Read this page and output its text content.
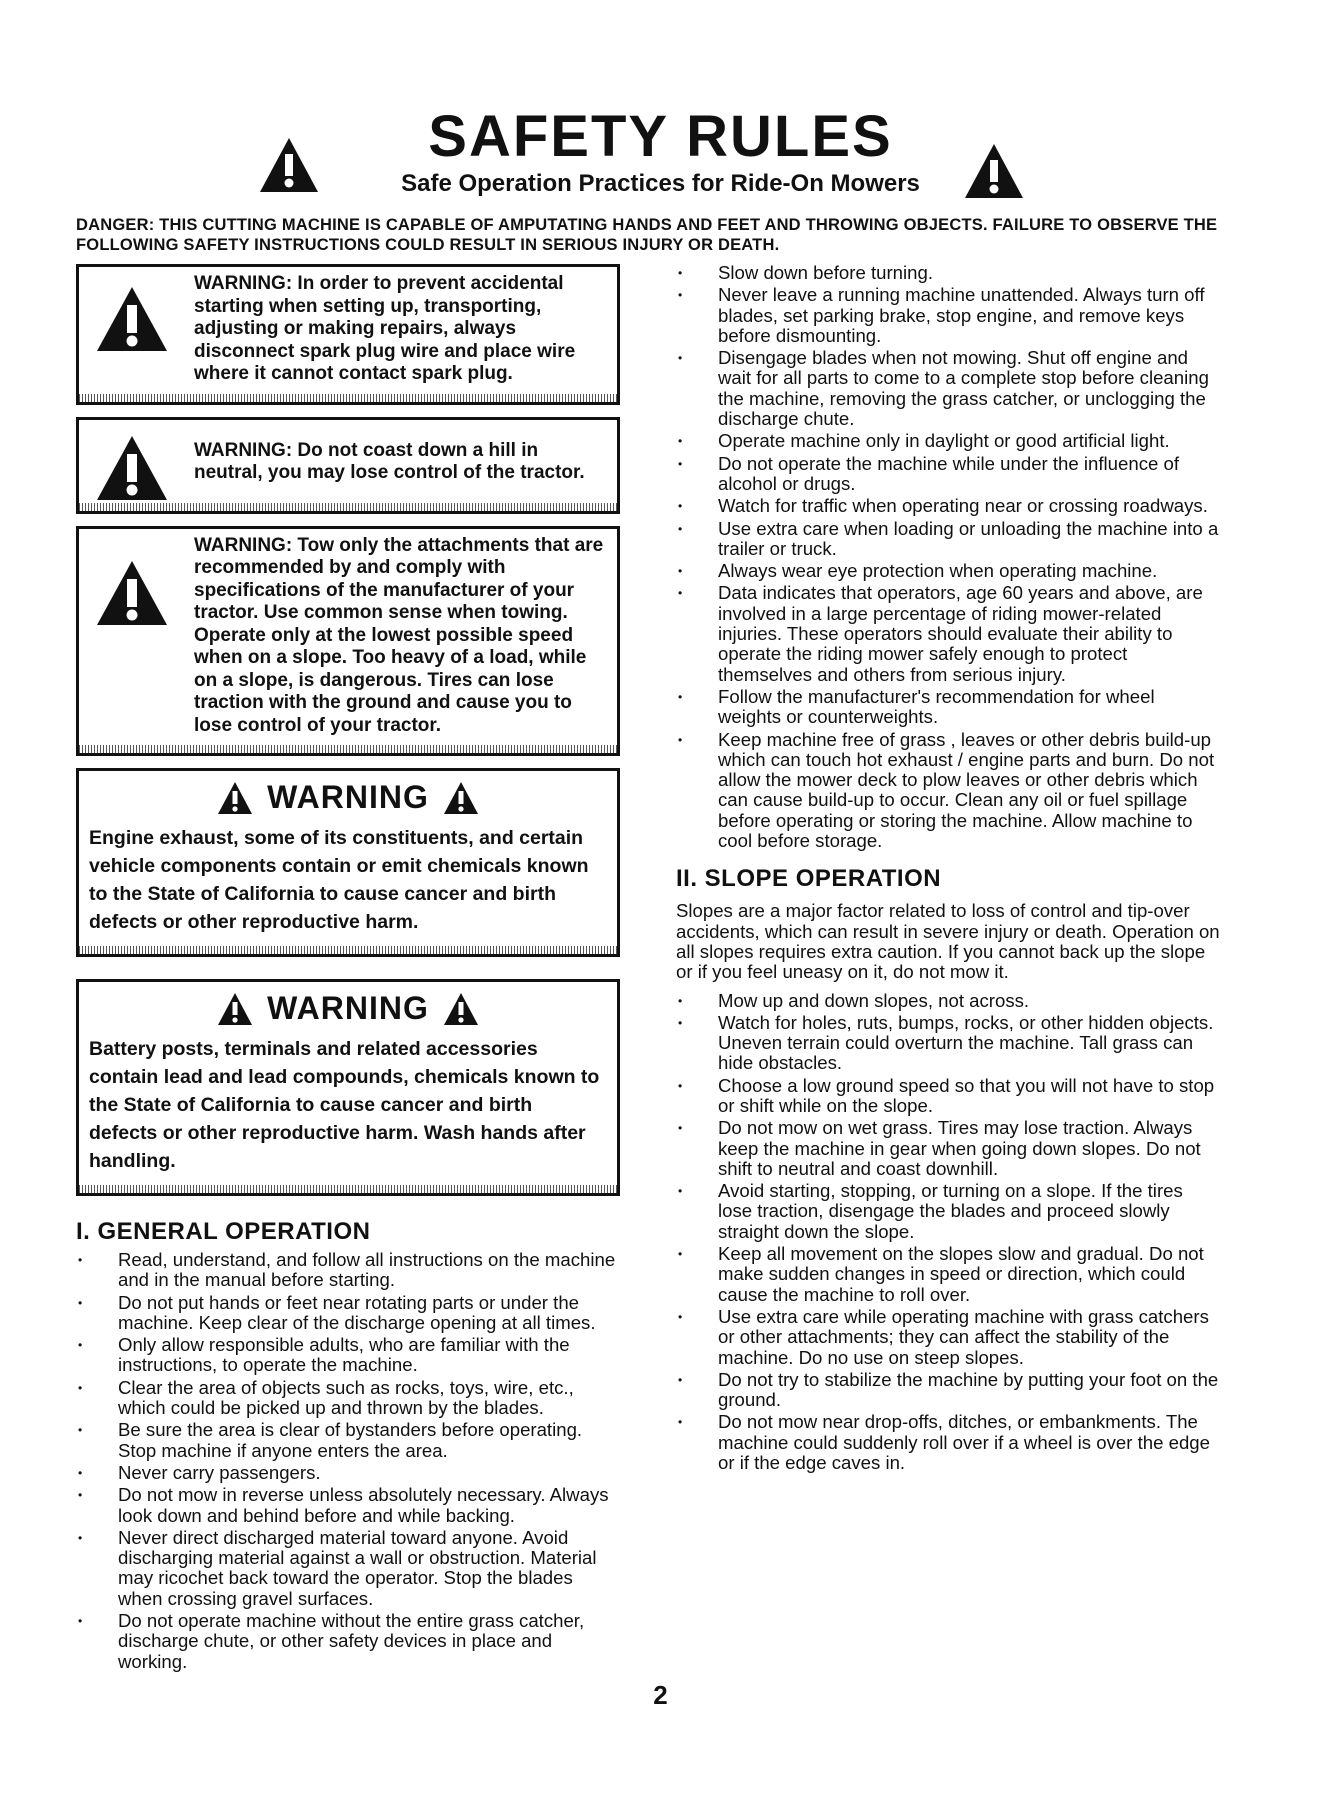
SAFETY RULES
Safe Operation Practices for Ride-On Mowers
DANGER: THIS CUTTING MACHINE IS CAPABLE OF AMPUTATING HANDS AND FEET AND THROWING OBJECTS. FAILURE TO OBSERVE THE FOLLOWING SAFETY INSTRUCTIONS COULD RESULT IN SERIOUS INJURY OR DEATH.
WARNING: In order to prevent accidental starting when setting up, transporting, adjusting or making repairs, always disconnect spark plug wire and place wire where it cannot contact spark plug.
WARNING: Do not coast down a hill in neutral, you may lose control of the tractor.
WARNING: Tow only the attachments that are recommended by and comply with specifications of the manufacturer of your tractor. Use common sense when towing. Operate only at the lowest possible speed when on a slope. Too heavy of a load, while on a slope, is dangerous. Tires can lose traction with the ground and cause you to lose control of your tractor.
WARNING
Engine exhaust, some of its constituents, and certain vehicle components contain or emit chemicals known to the State of California to cause cancer and birth defects or other reproductive harm.
WARNING
Battery posts, terminals and related accessories contain lead and lead compounds, chemicals known to the State of California to cause cancer and birth defects or other reproductive harm. Wash hands after handling.
I. GENERAL OPERATION
• Read, understand, and follow all instructions on the machine and in the manual before starting.
• Do not put hands or feet near rotating parts or under the machine. Keep clear of the discharge opening at all times.
• Only allow responsible adults, who are familiar with the instructions, to operate the machine.
• Clear the area of objects such as rocks, toys, wire, etc., which could be picked up and thrown by the blades.
• Be sure the area is clear of bystanders before operating. Stop machine if anyone enters the area.
• Never carry passengers.
• Do not mow in reverse unless absolutely necessary. Always look down and behind before and while backing.
• Never direct discharged material toward anyone. Avoid discharging material against a wall or obstruction. Material may ricochet back toward the operator. Stop the blades when crossing gravel surfaces.
• Do not operate machine without the entire grass catcher, discharge chute, or other safety devices in place and working.
• Slow down before turning.
• Never leave a running machine unattended. Always turn off blades, set parking brake, stop engine, and remove keys before dismounting.
• Disengage blades when not mowing. Shut off engine and wait for all parts to come to a complete stop before cleaning the machine, removing the grass catcher, or unclogging the discharge chute.
• Operate machine only in daylight or good artificial light.
• Do not operate the machine while under the influence of alcohol or drugs.
• Watch for traffic when operating near or crossing roadways.
• Use extra care when loading or unloading the machine into a trailer or truck.
• Always wear eye protection when operating machine.
• Data indicates that operators, age 60 years and above, are involved in a large percentage of riding mower-related injuries. These operators should evaluate their ability to operate the riding mower safely enough to protect themselves and others from serious injury.
• Follow the manufacturer's recommendation for wheel weights or counterweights.
• Keep machine free of grass , leaves or other debris build-up which can touch hot exhaust / engine parts and burn. Do not allow the mower deck to plow leaves or other debris which can cause build-up to occur. Clean any oil or fuel spillage before operating or storing the machine. Allow machine to cool before storage.
II. SLOPE OPERATION

Slopes are a major factor related to loss of control and tip-over accidents, which can result in severe injury or death. Operation on all slopes requires extra caution. If you cannot back up the slope or if you feel uneasy on it, do not mow it.

• Mow up and down slopes, not across.
• Watch for holes, ruts, bumps, rocks, or other hidden objects. Uneven terrain could overturn the machine. Tall grass can hide obstacles.
• Choose a low ground speed so that you will not have to stop or shift while on the slope.
• Do not mow on wet grass. Tires may lose traction. Always keep the machine in gear when going down slopes. Do not shift to neutral and coast downhill.
• Avoid starting, stopping, or turning on a slope. If the tires lose traction, disengage the blades and proceed slowly straight down the slope.
• Keep all movement on the slopes slow and gradual. Do not make sudden changes in speed or direction, which could cause the machine to roll over.
• Use extra care while operating machine with grass catchers or other attachments; they can affect the stability of the machine. Do no use on steep slopes.
• Do not try to stabilize the machine by putting your foot on the ground.
• Do not mow near drop-offs, ditches, or embankments. The machine could suddenly roll over if a wheel is over the edge or if the edge caves in.
2
